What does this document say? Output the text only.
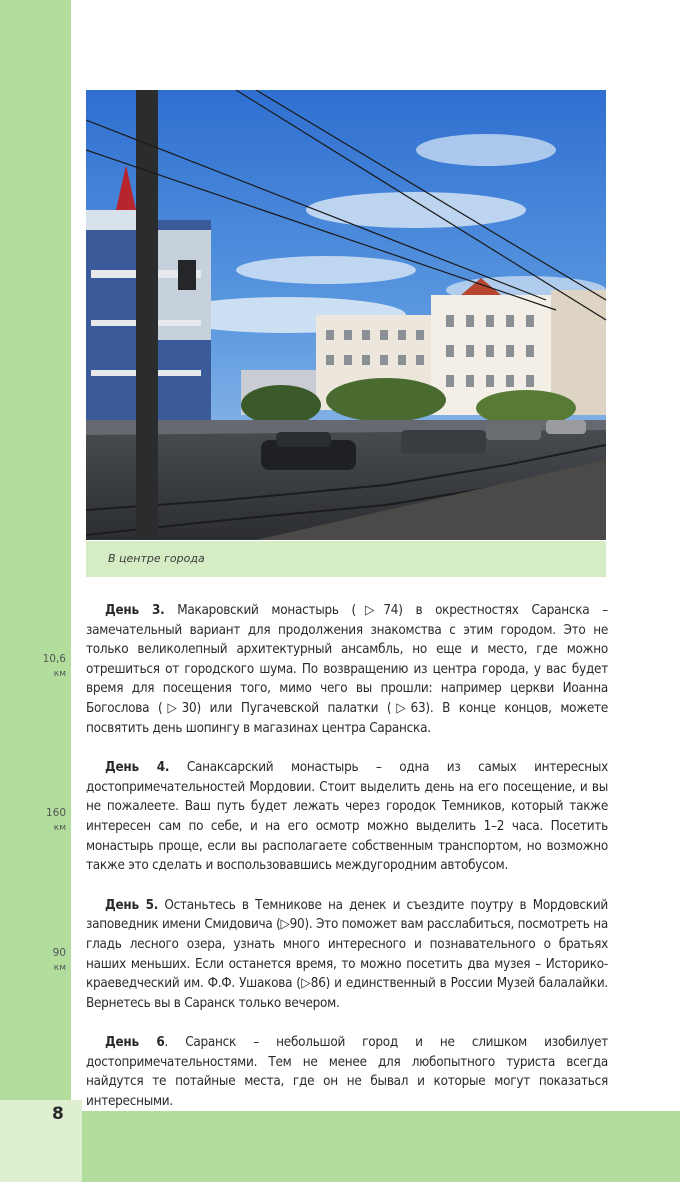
8
В центре города
10,6
км
160
км
90
км

День 3. Макаровский монастырь (▷74) в окрестностях Саранска – замечательный вариант для продолжения знакомства с этим городом. Это не только великолепный архитектурный ансамбль, но еще и место, где можно отрешиться от городского шума. По возвращению из центра города, у вас будет время для посещения того, мимо чего вы прошли: например церкви Иоанна Богослова (▷30) или Пугачевской палатки (▷63). В конце концов, можете посвятить день шопингу в магазинах центра Саранска.

День 4. Санаксарский монастырь – одна из самых интересных достопримечательностей Мордовии. Стоит выделить день на его посещение, и вы не пожалеете. Ваш путь будет лежать через городок Темников, который также интересен сам по себе, и на его осмотр можно выделить 1–2 часа. Посетить монастырь проще, если вы располагаете собственным транспортом, но возможно также это сделать и воспользовавшись междугородним автобусом.

День 5. Останьтесь в Темникове на денек и съездите поутру в Мордовский заповедник имени Смидовича (▷90). Это поможет вам расслабиться, посмотреть на гладь лесного озера, узнать много интересного и познавательного о братьях наших меньших. Если останется время, то можно посетить два музея – Историко-краеведческий им. Ф.Ф. Ушакова (▷86) и единственный в России Музей балалайки. Вернетесь вы в Саранск только вечером.

День 6. Саранск – небольшой город и не слишком изобилует достопримечательностями. Тем не менее для любопытного туриста всегда найдутся те потайные места, где он не бывал и которые могут показаться интересными.
